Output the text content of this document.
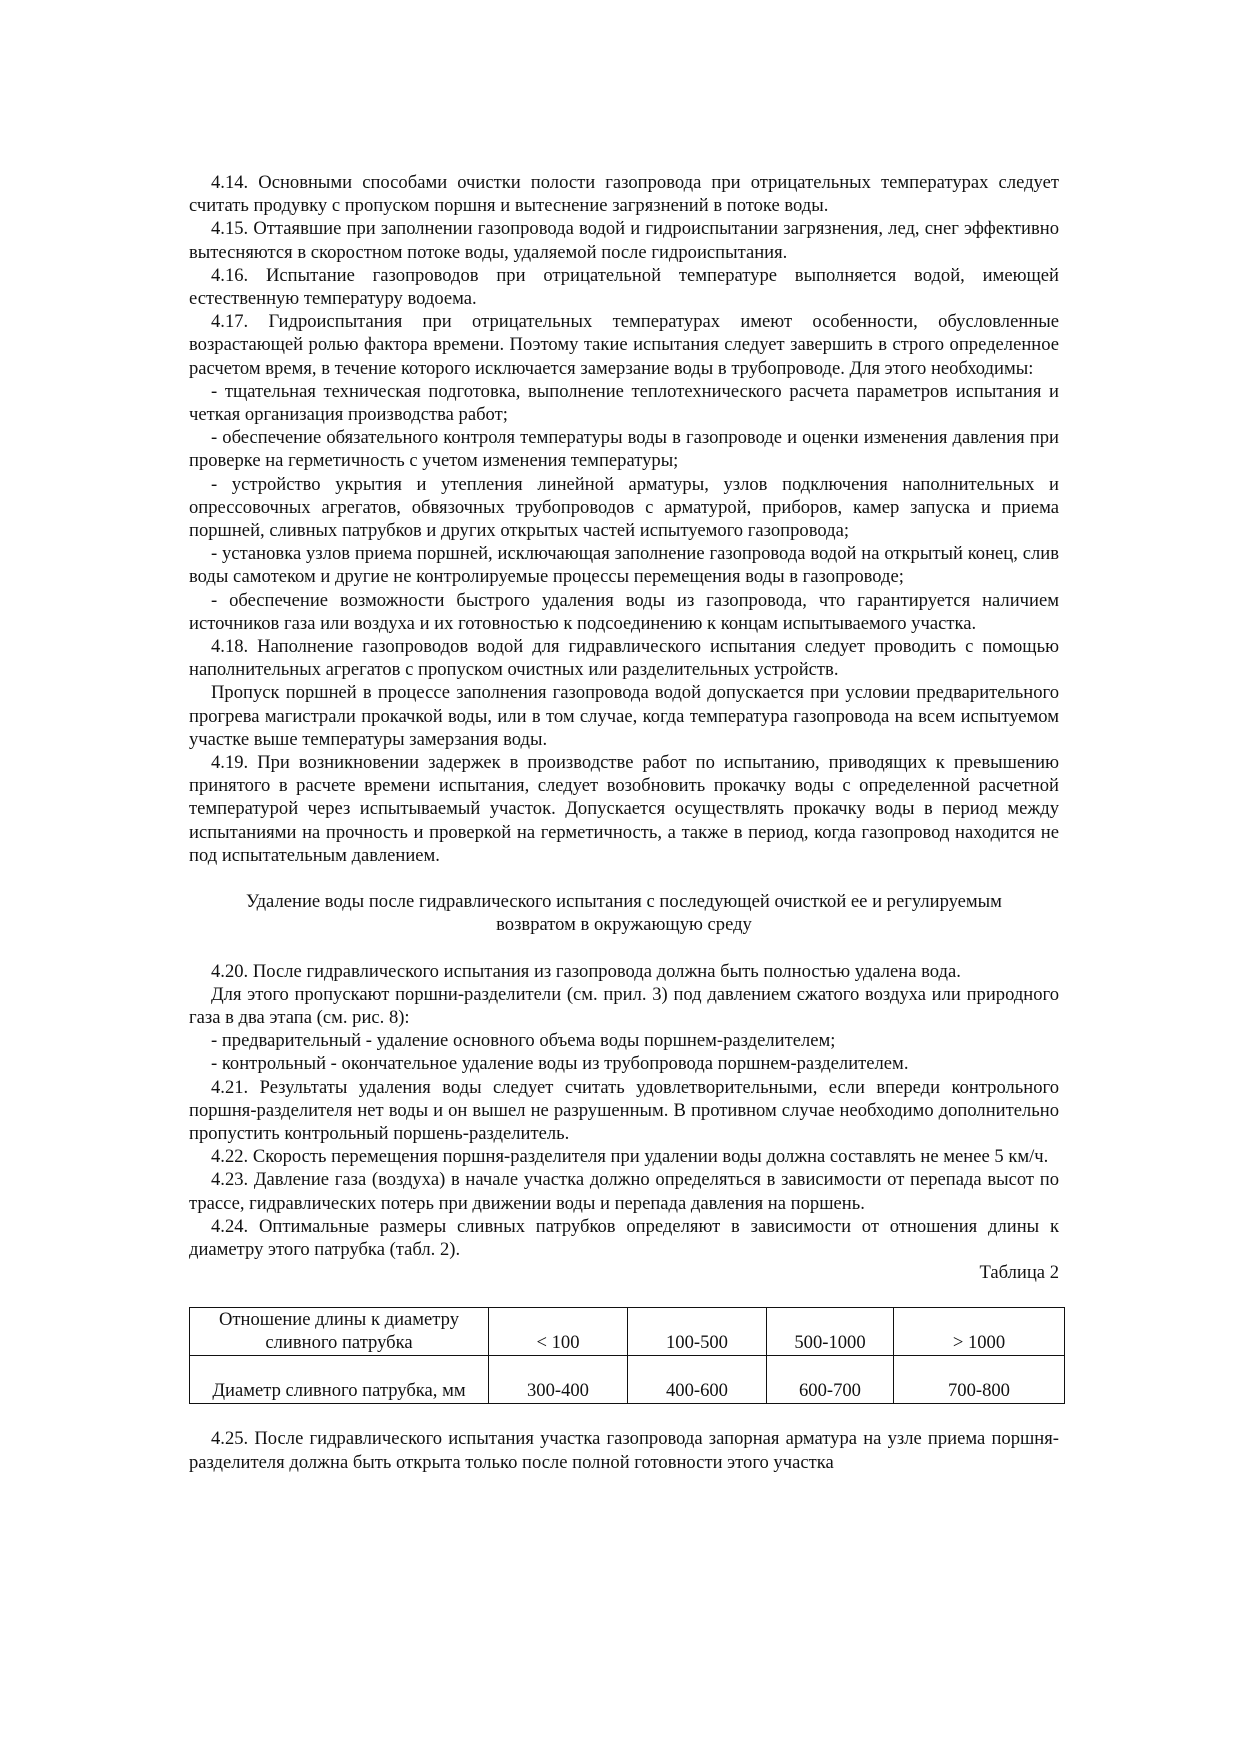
4.14. Основными способами очистки полости газопровода при отрицательных температурах следует считать продувку с пропуском поршня и вытеснение загрязнений в потоке воды.

4.15. Оттаявшие при заполнении газопровода водой и гидроиспытании загрязнения, лед, снег эффективно вытесняются в скоростном потоке воды, удаляемой после гидроиспытания.

4.16. Испытание газопроводов при отрицательной температуре выполняется водой, имеющей естественную температуру водоема.

4.17. Гидроиспытания при отрицательных температурах имеют особенности, обусловленные возрастающей ролью фактора времени. Поэтому такие испытания следует завершить в строго определенное расчетом время, в течение которого исключается замерзание воды в трубопроводе. Для этого необходимы:

- тщательная техническая подготовка, выполнение теплотехнического расчета параметров испытания и четкая организация производства работ;

- обеспечение обязательного контроля температуры воды в газопроводе и оценки изменения давления при проверке на герметичность с учетом изменения температуры;

- устройство укрытия и утепления линейной арматуры, узлов подключения наполнительных и опрессовочных агрегатов, обвязочных трубопроводов с арматурой, приборов, камер запуска и приема поршней, сливных патрубков и других открытых частей испытуемого газопровода;

- установка узлов приема поршней, исключающая заполнение газопровода водой на открытый конец, слив воды самотеком и другие не контролируемые процессы перемещения воды в газопроводе;

- обеспечение возможности быстрого удаления воды из газопровода, что гарантируется наличием источников газа или воздуха и их готовностью к подсоединению к концам испытываемого участка.

4.18. Наполнение газопроводов водой для гидравлического испытания следует проводить с помощью наполнительных агрегатов с пропуском очистных или разделительных устройств.

Пропуск поршней в процессе заполнения газопровода водой допускается при условии предварительного прогрева магистрали прокачкой воды, или в том случае, когда температура газопровода на всем испытуемом участке выше температуры замерзания воды.

4.19. При возникновении задержек в производстве работ по испытанию, приводящих к превышению принятого в расчете времени испытания, следует возобновить прокачку воды с определенной расчетной температурой через испытываемый участок. Допускается осуществлять прокачку воды в период между испытаниями на прочность и проверкой на герметичность, а также в период, когда газопровод находится не под испытательным давлением.

Удаление воды после гидравлического испытания с последующей очисткой ее и регулируемым возвратом в окружающую среду

4.20. После гидравлического испытания из газопровода должна быть полностью удалена вода.

Для этого пропускают поршни-разделители (см. прил. 3) под давлением сжатого воздуха или природного газа в два этапа (см. рис. 8):

- предварительный - удаление основного объема воды поршнем-разделителем;

- контрольный - окончательное удаление воды из трубопровода поршнем-разделителем.

4.21. Результаты удаления воды следует считать удовлетворительными, если впереди контрольного поршня-разделителя нет воды и он вышел не разрушенным. В противном случае необходимо дополнительно пропустить контрольный поршень-разделитель.

4.22. Скорость перемещения поршня-разделителя при удалении воды должна составлять не менее 5 км/ч.

4.23. Давление газа (воздуха) в начале участка должно определяться в зависимости от перепада высот по трассе, гидравлических потерь при движении воды и перепада давления на поршень.

4.24. Оптимальные размеры сливных патрубков определяют в зависимости от отношения длины к диаметру этого патрубка (табл. 2).

Таблица 2

Отношение длины к диаметру сливного патрубка	< 100	100-500	500-1000	> 1000
Диаметр сливного патрубка, мм	300-400	400-600	600-700	700-800

4.25. После гидравлического испытания участка газопровода запорная арматура на узле приема поршня-разделителя должна быть открыта только после полной готовности этого участка
